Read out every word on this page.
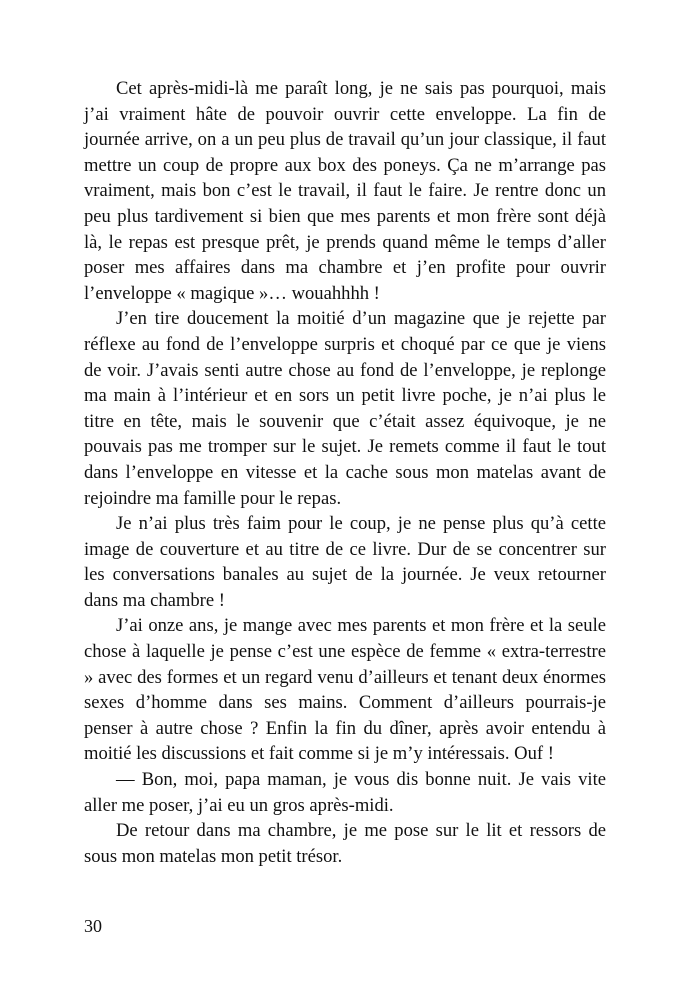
Cet après-midi-là me paraît long, je ne sais pas pourquoi, mais j’ai vraiment hâte de pouvoir ouvrir cette enveloppe. La fin de journée arrive, on a un peu plus de travail qu’un jour classique, il faut mettre un coup de propre aux box des poneys. Ça ne m’arrange pas vraiment, mais bon c’est le travail, il faut le faire. Je rentre donc un peu plus tardivement si bien que mes parents et mon frère sont déjà là, le repas est presque prêt, je prends quand même le temps d’aller poser mes affaires dans ma chambre et j’en profite pour ouvrir l’enveloppe « magique »… wouahhhh !

J’en tire doucement la moitié d’un magazine que je rejette par réflexe au fond de l’enveloppe surpris et choqué par ce que je viens de voir. J’avais senti autre chose au fond de l’enveloppe, je replonge ma main à l’intérieur et en sors un petit livre poche, je n’ai plus le titre en tête, mais le souvenir que c’était assez équivoque, je ne pouvais pas me tromper sur le sujet. Je remets comme il faut le tout dans l’enveloppe en vitesse et la cache sous mon matelas avant de rejoindre ma famille pour le repas.

Je n’ai plus très faim pour le coup, je ne pense plus qu’à cette image de couverture et au titre de ce livre. Dur de se concentrer sur les conversations banales au sujet de la journée. Je veux retourner dans ma chambre !

J’ai onze ans, je mange avec mes parents et mon frère et la seule chose à laquelle je pense c’est une espèce de femme « extra-terrestre » avec des formes et un regard venu d’ailleurs et tenant deux énormes sexes d’homme dans ses mains. Comment d’ailleurs pourrais-je penser à autre chose ? Enfin la fin du dîner, après avoir entendu à moitié les discussions et fait comme si je m’y intéressais. Ouf !

— Bon, moi, papa maman, je vous dis bonne nuit. Je vais vite aller me poser, j’ai eu un gros après-midi.

De retour dans ma chambre, je me pose sur le lit et ressors de sous mon matelas mon petit trésor.

30
